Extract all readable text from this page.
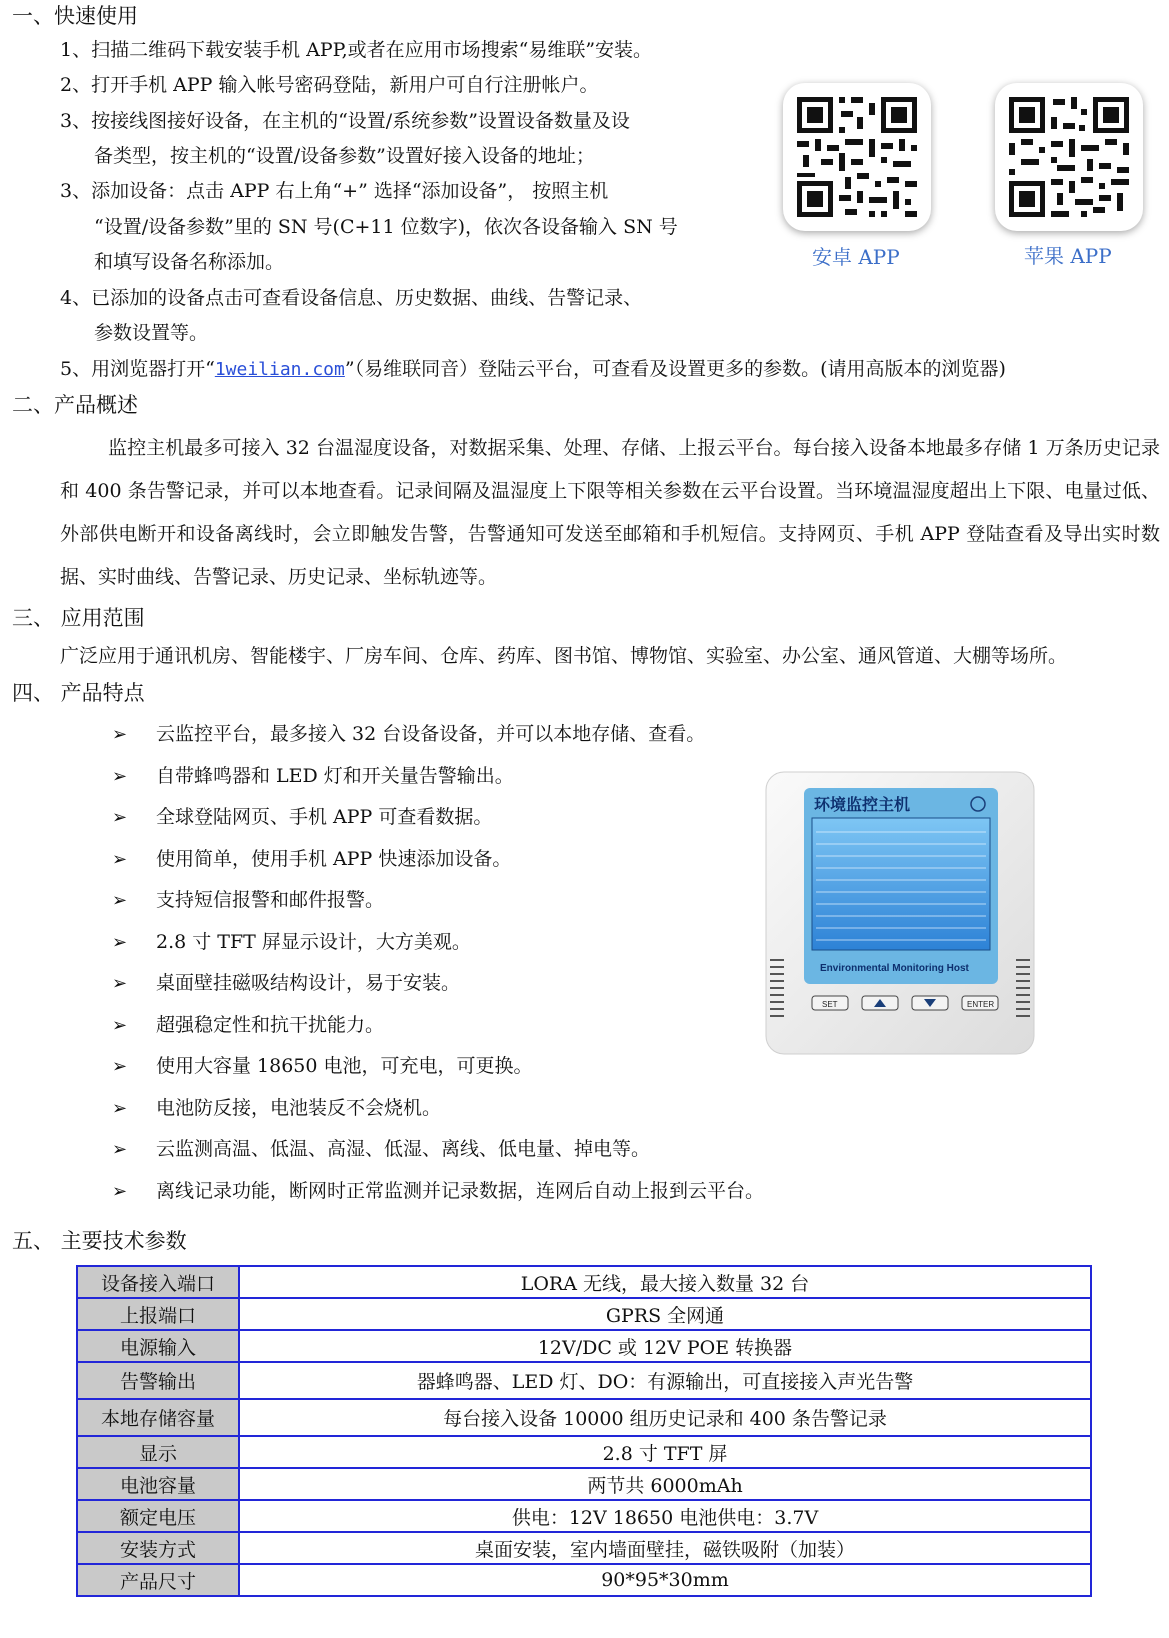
一、快速使用
1、扫描二维码下载安装手机 APP,或者在应用市场搜索“易维联”安装。
2、打开手机 APP 输入帐号密码登陆，新用户可自行注册帐户。
3、按接线图接好设备，在主机的“设置/系统参数”设置设备数量及设
备类型，按主机的“设置/设备参数”设置好接入设备的地址；
3、添加设备：点击 APP 右上角“+” 选择“添加设备”， 按照主机
“设置/设备参数”里的 SN 号(C+11 位数字)，依次各设备输入 SN 号
和填写设备名称添加。
4、已添加的设备点击可查看设备信息、历史数据、曲线、告警记录、
参数设置等。
5、用浏览器打开“1weilian.com”（易维联同音）登陆云平台，可查看及设置更多的参数。(请用高版本的浏览器)
安卓 APP	苹果 APP
二、产品概述
监控主机最多可接入 32 台温湿度设备，对数据采集、处理、存储、上报云平台。每台接入设备本地最多存储 1 万条历史记录和 400 条告警记录，并可以本地查看。记录间隔及温湿度上下限等相关参数在云平台设置。当环境温湿度超出上下限、电量过低、外部供电断开和设备离线时，会立即触发告警，告警通知可发送至邮箱和手机短信。支持网页、手机 APP 登陆查看及导出实时数据、实时曲线、告警记录、历史记录、坐标轨迹等。
三、 应用范围
广泛应用于通讯机房、智能楼宇、厂房车间、仓库、药库、图书馆、博物馆、实验室、办公室、通风管道、大棚等场所。
四、 产品特点
➢ 云监控平台，最多接入 32 台设备设备，并可以本地存储、查看。
➢ 自带蜂鸣器和 LED 灯和开关量告警输出。
➢ 全球登陆网页、手机 APP 可查看数据。
➢ 使用简单，使用手机 APP 快速添加设备。
➢ 支持短信报警和邮件报警。
➢ 2.8 寸 TFT 屏显示设计，大方美观。
➢ 桌面壁挂磁吸结构设计，易于安装。
➢ 超强稳定性和抗干扰能力。
➢ 使用大容量 18650 电池，可充电，可更换。
➢ 电池防反接，电池装反不会烧机。
➢ 云监测高温、低温、高湿、低湿、离线、低电量、掉电等。
➢ 离线记录功能，断网时正常监测并记录数据，连网后自动上报到云平台。
环境监控主机
Environmental Monitoring Host
SET	ENTER
五、 主要技术参数
设备接入端口	LORA 无线，最大接入数量 32 台
上报端口	GPRS 全网通
电源输入	12V/DC 或 12V POE 转换器
告警输出	器蜂鸣器、LED 灯、DO：有源输出，可直接接入声光告警
本地存储容量	每台接入设备 10000 组历史记录和 400 条告警记录
显示	2.8 寸 TFT 屏
电池容量	两节共 6000mAh
额定电压	供电：12V 18650 电池供电：3.7V
安装方式	桌面安装，室内墙面壁挂，磁铁吸附（加装）
产品尺寸	90*95*30mm
